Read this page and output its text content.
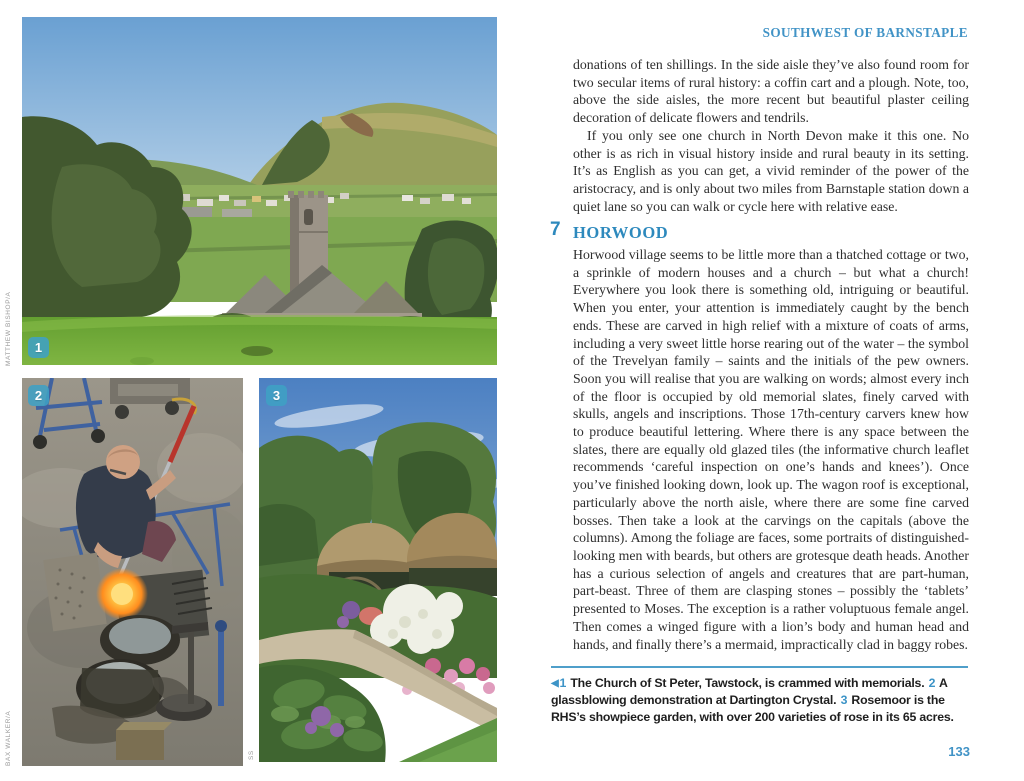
1
2	3
MATTHEW BISHOP/A
BAX WALKER/A	SS
SOUTHWEST OF BARNSTAPLE

donations of ten shillings. In the side aisle they’ve also found room for two secular items of rural history: a coffin cart and a plough. Note, too, above the side aisles, the more recent but beautiful plaster ceiling decoration of delicate flowers and tendrils.

If you only see one church in North Devon make it this one. No other is as rich in visual history inside and rural beauty in its setting. It’s as English as you can get, a vivid reminder of the power of the aristocracy, and is only about two miles from Barnstaple station down a quiet lane so you can walk or cycle here with relative ease.

7 HORWOOD

Horwood village seems to be little more than a thatched cottage or two, a sprinkle of modern houses and a church – but what a church! Everywhere you look there is something old, intriguing or beautiful. When you enter, your attention is immediately caught by the bench ends. These are carved in high relief with a mixture of coats of arms, including a very sweet little horse rearing out of the water – the symbol of the Trevelyan family – saints and the initials of the pew owners. Soon you will realise that you are walking on words; almost every inch of the floor is occupied by old memorial slates, finely carved with skulls, angels and inscriptions. Those 17th-century carvers knew how to produce beautiful lettering. Where there is any space between the slates, there are equally old glazed tiles (the informative church leaflet recommends ‘careful inspection on one’s hands and knees’). Once you’ve finished looking down, look up. The wagon roof is exceptional, particularly above the north aisle, where there are some fine carved bosses. Then take a look at the carvings on the capitals (above the columns). Among the foliage are faces, some portraits of distinguished-looking men with beards, but others are grotesque death heads. Another has a curious selection of angels and creatures that are part-human, part-beast. Three of them are clasping stones – possibly the ‘tablets’ presented to Moses. The exception is a rather voluptuous female angel. Then comes a winged figure with a lion’s body and human head and hands, and finally there’s a mermaid, impractically clad in baggy robes.

◀1 The Church of St Peter, Tawstock, is crammed with memorials. 2 A glassblowing demonstration at Dartington Crystal. 3 Rosemoor is the RHS’s showpiece garden, with over 200 varieties of rose in its 65 acres.
133
